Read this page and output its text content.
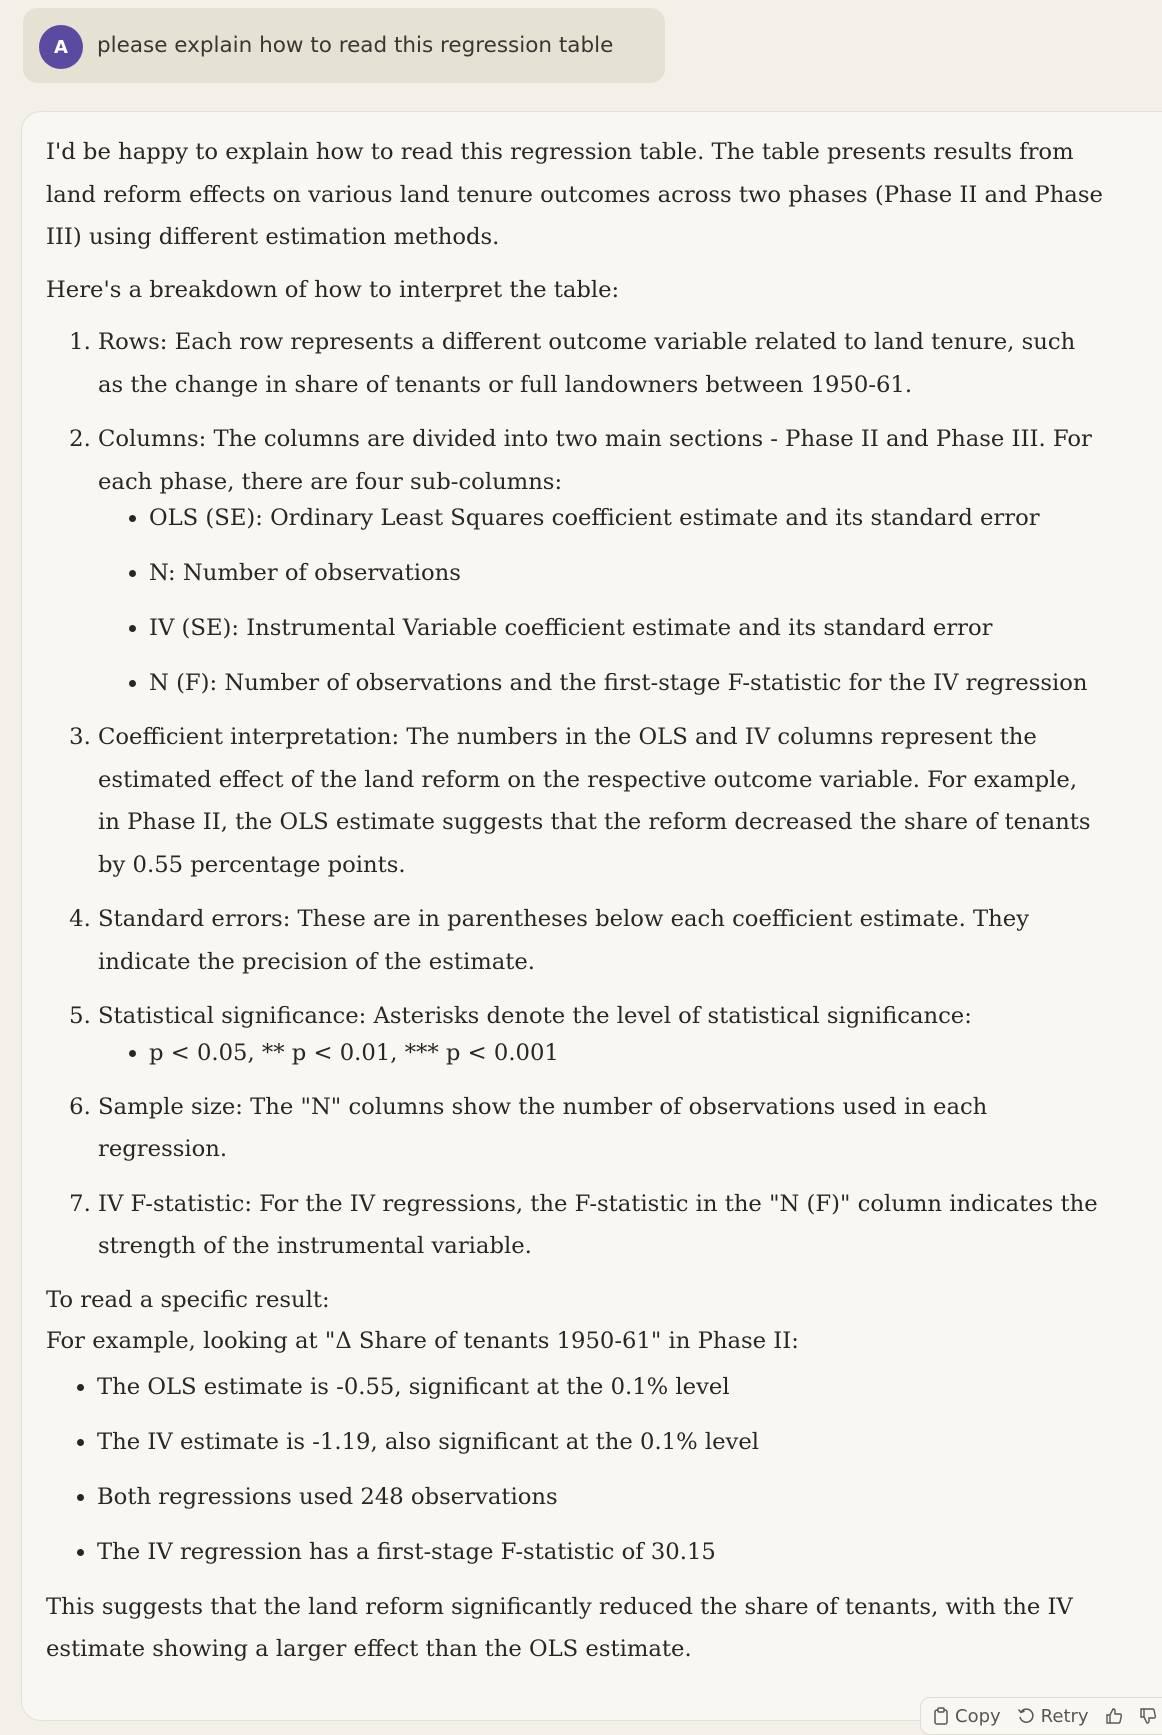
A	please explain how to read this regression table

I'd be happy to explain how to read this regression table. The table presents results from land reform effects on various land tenure outcomes across two phases (Phase II and Phase III) using different estimation methods.

Here's a breakdown of how to interpret the table:

1. Rows: Each row represents a different outcome variable related to land tenure, such as the change in share of tenants or full landowners between 1950-61.
2. Columns: The columns are divided into two main sections - Phase II and Phase III. For each phase, there are four sub-columns:
• OLS (SE): Ordinary Least Squares coefficient estimate and its standard error
• N: Number of observations
• IV (SE): Instrumental Variable coefficient estimate and its standard error
• N (F): Number of observations and the first-stage F-statistic for the IV regression
3. Coefficient interpretation: The numbers in the OLS and IV columns represent the estimated effect of the land reform on the respective outcome variable. For example, in Phase II, the OLS estimate suggests that the reform decreased the share of tenants by 0.55 percentage points.
4. Standard errors: These are in parentheses below each coefficient estimate. They indicate the precision of the estimate.
5. Statistical significance: Asterisks denote the level of statistical significance:
• p < 0.05, ** p < 0.01, *** p < 0.001
6. Sample size: The "N" columns show the number of observations used in each regression.
7. IV F-statistic: For the IV regressions, the F-statistic in the "N (F)" column indicates the strength of the instrumental variable.

To read a specific result:

For example, looking at "Δ Share of tenants 1950-61" in Phase II:

• The OLS estimate is -0.55, significant at the 0.1% level
• The IV estimate is -1.19, also significant at the 0.1% level
• Both regressions used 248 observations
• The IV regression has a first-stage F-statistic of 30.15

This suggests that the land reform significantly reduced the share of tenants, with the IV estimate showing a larger effect than the OLS estimate.

Copy Retry
